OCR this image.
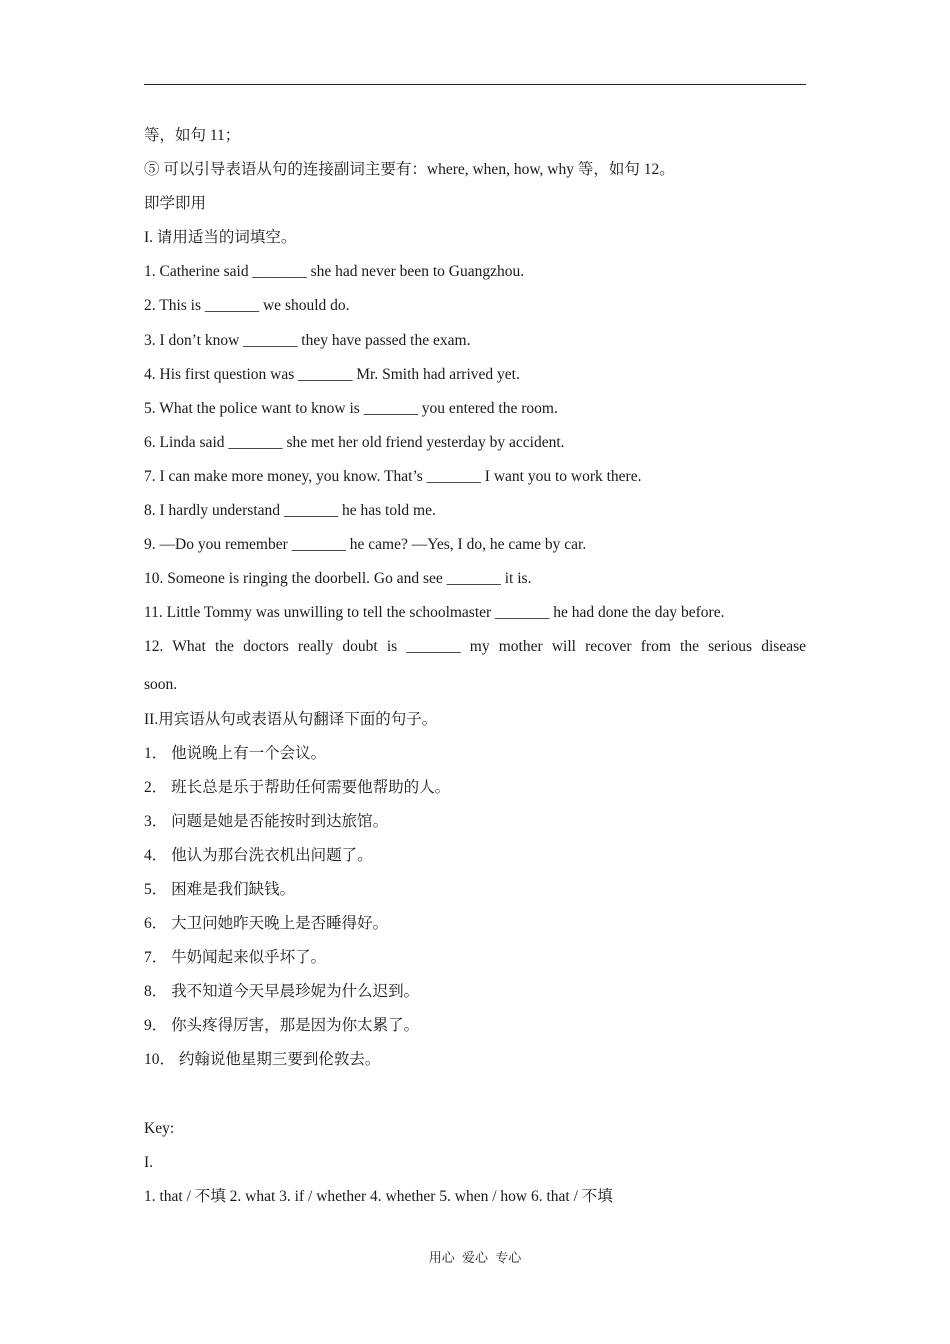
等，如句 11；
⑤ 可以引导表语从句的连接副词主要有：where, when, how, why 等，如句 12。
即学即用
I. 请用适当的词填空。
1. Catherine said _______ she had never been to Guangzhou.
2. This is _______ we should do.
3. I don’t know _______ they have passed the exam.
4. His first question was _______ Mr. Smith had arrived yet.
5. What the police want to know is _______ you entered the room.
6. Linda said _______ she met her old friend yesterday by accident.
7. I can make more money, you know. That’s _______ I want you to work there.
8. I hardly understand _______ he has told me.
9. —Do you remember _______ he came? —Yes, I do, he came by car.
10. Someone is ringing the doorbell. Go and see _______ it is.
11. Little Tommy was unwilling to tell the schoolmaster _______ he had done the day before.
12. What the doctors really doubt is _______ my mother will recover from the serious disease
soon.
II.用宾语从句或表语从句翻译下面的句子。
1． 他说晚上有一个会议。
2． 班长总是乐于帮助任何需要他帮助的人。
3． 问题是她是否能按时到达旅馆。
4． 他认为那台洗衣机出问题了。
5． 困难是我们缺钱。
6． 大卫问她昨天晚上是否睡得好。
7． 牛奶闻起来似乎坏了。
8． 我不知道今天早晨珍妮为什么迟到。
9． 你头疼得厉害，那是因为你太累了。
10． 约翰说他星期三要到伦敦去。
Key:
I.
1. that / 不填 2. what 3. if / whether 4. whether 5. when / how 6. that / 不填
用心 爱心 专心
